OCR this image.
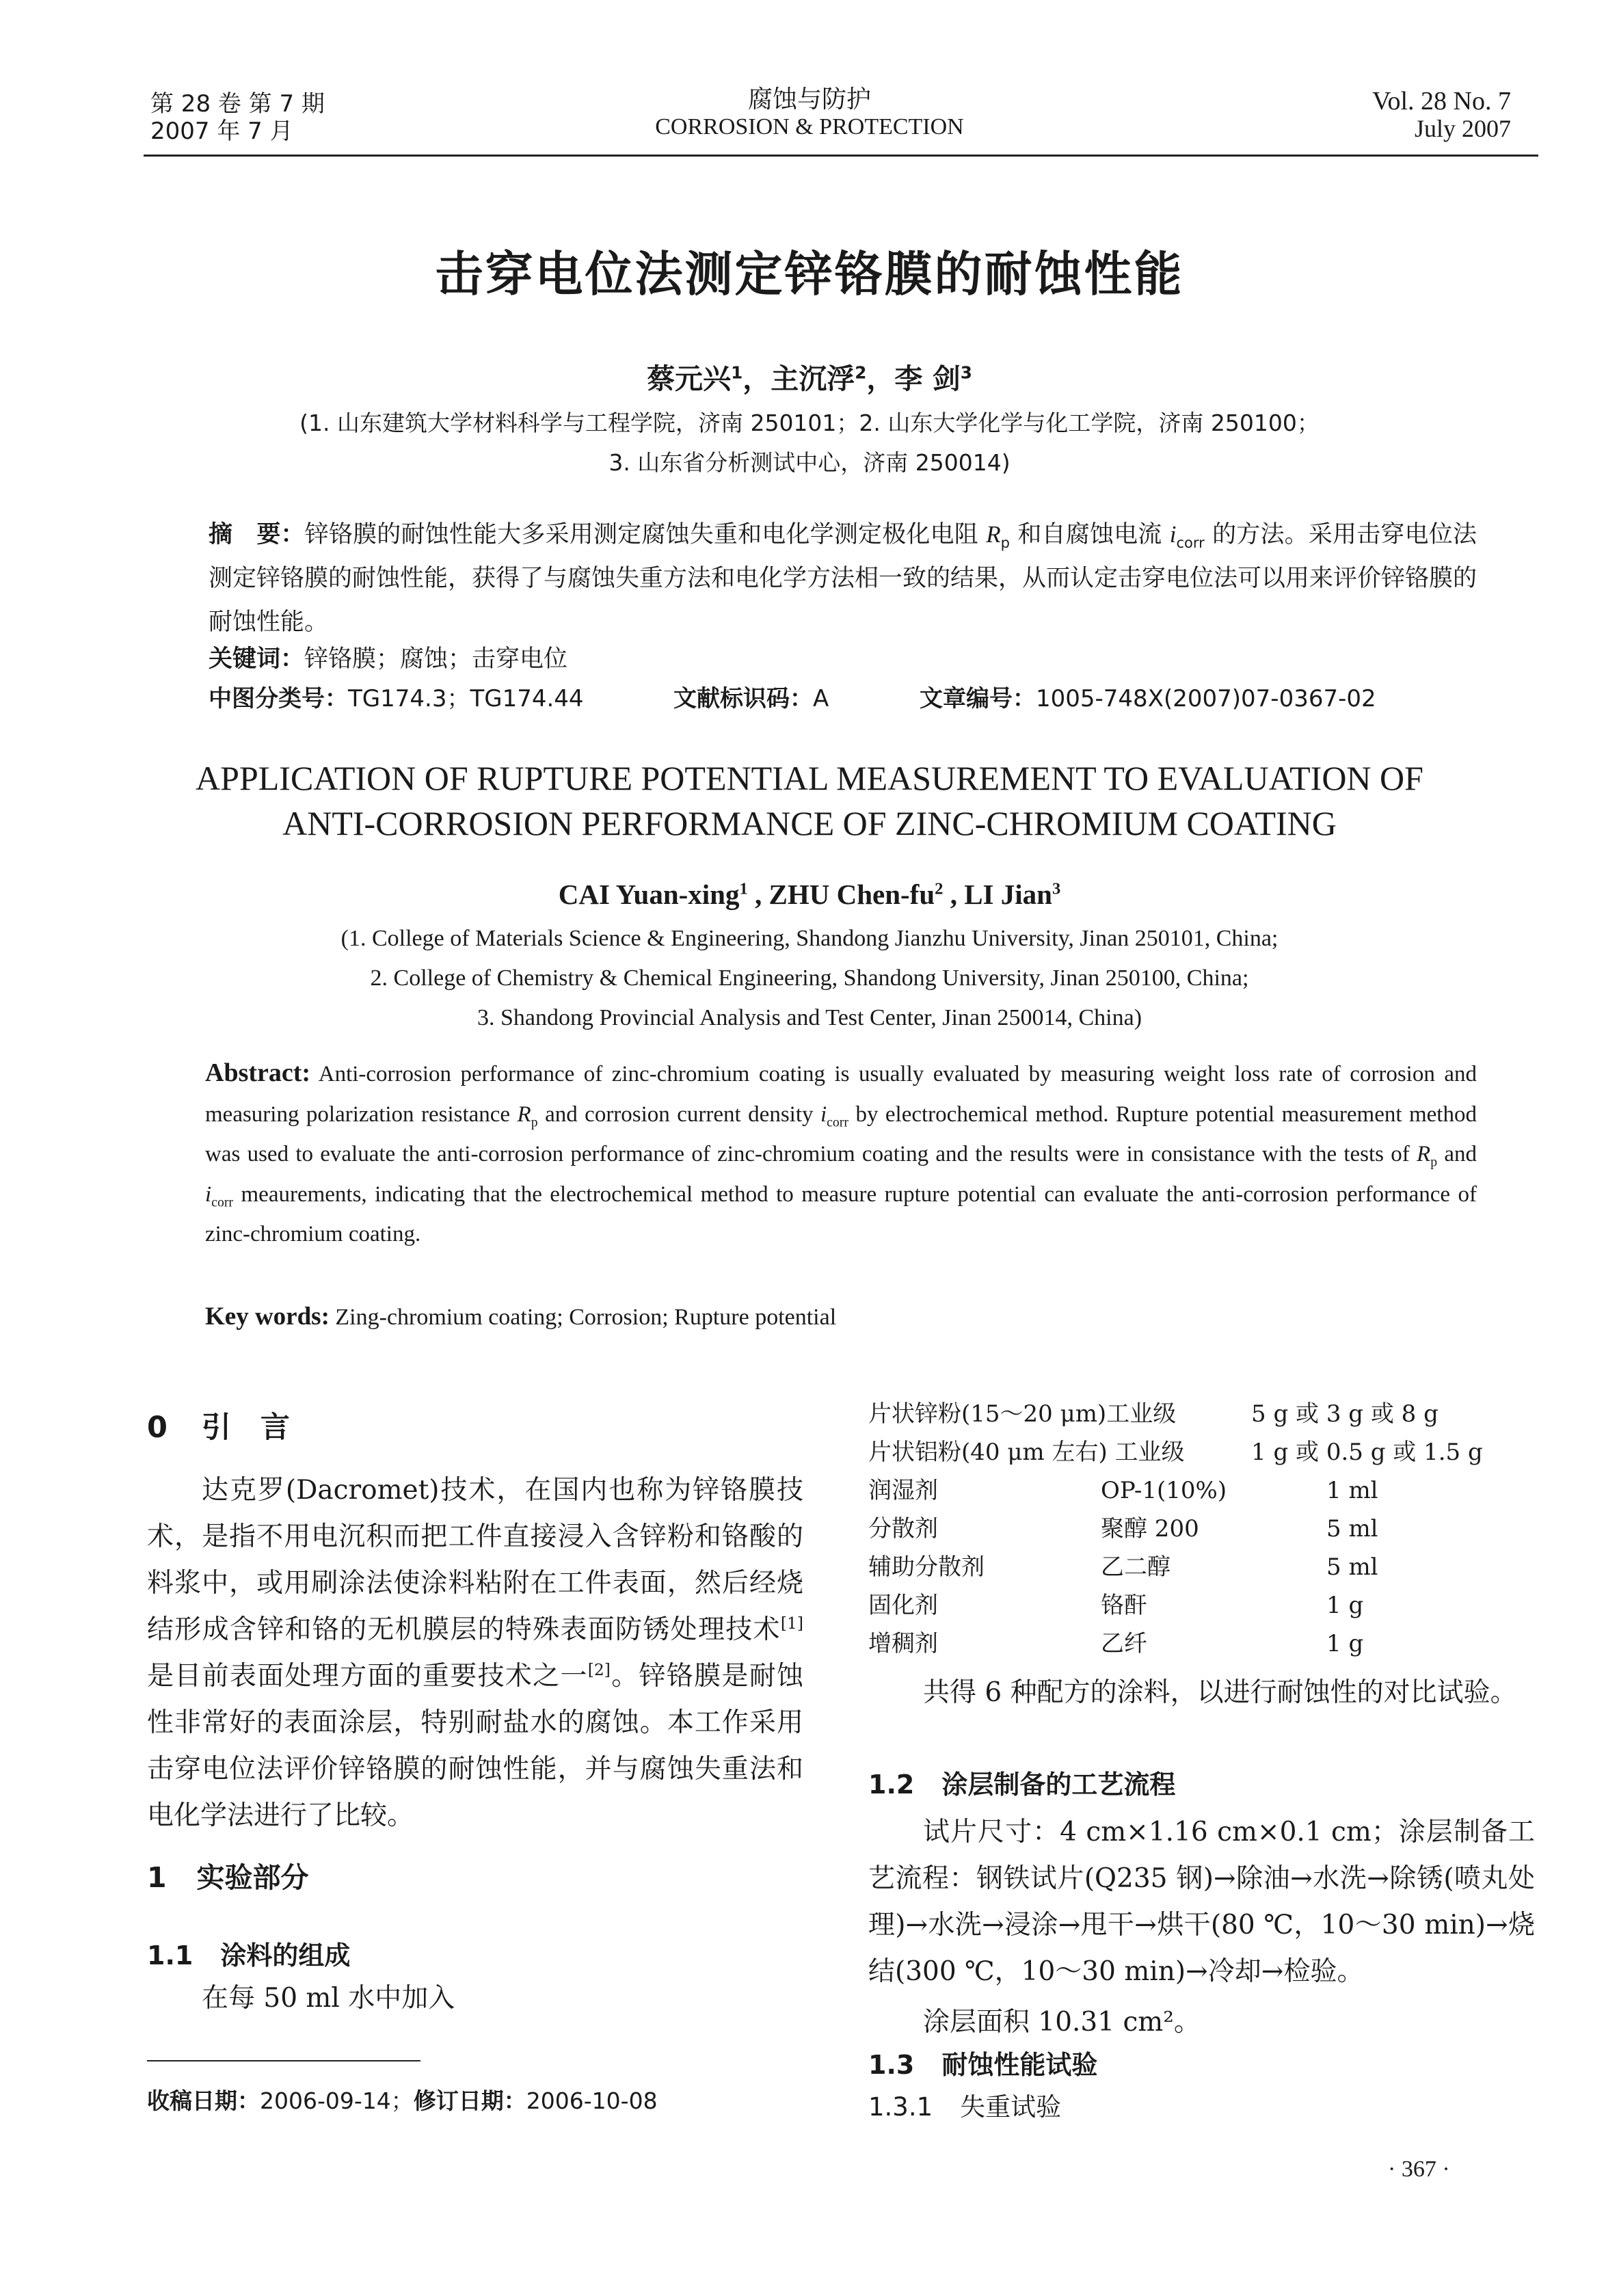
第 28 卷 第 7 期
2007 年 7 月
腐蚀与防护
CORROSION & PROTECTION
Vol. 28 No. 7
July 2007
击穿电位法测定锌铬膜的耐蚀性能
蔡元兴$^1$，主沉浮$^2$，李 剑$^3$
(1. 山东建筑大学材料科学与工程学院，济南 250101；2. 山东大学化学与化工学院，济南 250100；
3. 山东省分析测试中心，济南 250014)
摘　要：锌铬膜的耐蚀性能大多采用测定腐蚀失重和电化学测定极化电阻 $R_p$ 和自腐蚀电流 $i_{corr}$ 的方法。采用击穿电位法测定锌铬膜的耐蚀性能，获得了与腐蚀失重方法和电化学方法相一致的结果，从而认定击穿电位法可以用来评价锌铬膜的耐蚀性能。
关键词：锌铬膜；腐蚀；击穿电位
中图分类号：TG174.3；TG174.44	文献标识码：A	文章编号：1005-748X(2007)07-0367-02
APPLICATION OF RUPTURE POTENTIAL MEASUREMENT TO EVALUATION OF
ANTI-CORROSION PERFORMANCE OF ZINC-CHROMIUM COATING
CAI Yuan-xing$^1$ , ZHU Chen-$fu^2$ , LI Jian$^3$
(1. College of Materials Science & Engineering, Shandong Jianzhu University, Jinan 250101, China;
2. College of Chemistry & Chemical Engineering, Shandong University, Jinan 250100, China;
3. Shandong Provincial Analysis and Test Center, Jinan 250014, China)
Abstract: Anti-corrosion performance of zinc-chromium coating is usually evaluated by measuring weight loss rate of corrosion and measuring polarization resistance $R_p$ and corrosion current density $i_{corr}$ by electrochemical method. Rupture potential measurement method was used to evaluate the anti-corrosion performance of zinc-chromium coating and the results were in consistance with the tests of $R_p$ and $i_{corr}$ meaurements, indicating that the electrochemical method to measure rupture potential can evaluate the anti-corrosion performance of zinc-chromium coating.
Key words: Zing-chromium coating; Corrosion; Rupture potential
0 引　言
达克罗(Dacromet)技术，在国内也称为锌铬膜技术，是指不用电沉积而把工件直接浸入含锌粉和铬酸的料浆中，或用刷涂法使涂料粘附在工件表面，然后经烧结形成含锌和铬的无机膜层的特殊表面防锈处理技术[1]是目前表面处理方面的重要技术之一[2]。锌铬膜是耐蚀性非常好的表面涂层，特别耐盐水的腐蚀。本工作采用击穿电位法评价锌铬膜的耐蚀性能，并与腐蚀失重法和电化学法进行了比较。
1 实验部分
1.1 涂料的组成
在每 50 ml 水中加入
收稿日期：2006-09-14；修订日期：2006-10-08
片状锌粉(15～20 μm)工业级	5 g 或 3 g 或 8 g
片状铝粉(40 μm 左右) 工业级	1 g 或 0.5 g 或 1.5 g
润湿剂	OP-1(10%)	1 ml
分散剂	聚醇 200	5 ml
辅助分散剂	乙二醇	5 ml
固化剂	铬酐	1 g
增稠剂	乙纤	1 g
共得 6 种配方的涂料，以进行耐蚀性的对比试验。
1.2 涂层制备的工艺流程
试片尺寸：4 cm×1.16 cm×0.1 cm；涂层制备工艺流程：钢铁试片(Q235 钢)→除油→水洗→除锈(喷丸处理)→水洗→浸涂→甩干→烘干(80 ℃，10～30 min)→烧结(300 ℃，10～30 min)→冷却→检验。
涂层面积 10.31 cm²。
1.3 耐蚀性能试验
1.3.1 失重试验
· 367 ·
